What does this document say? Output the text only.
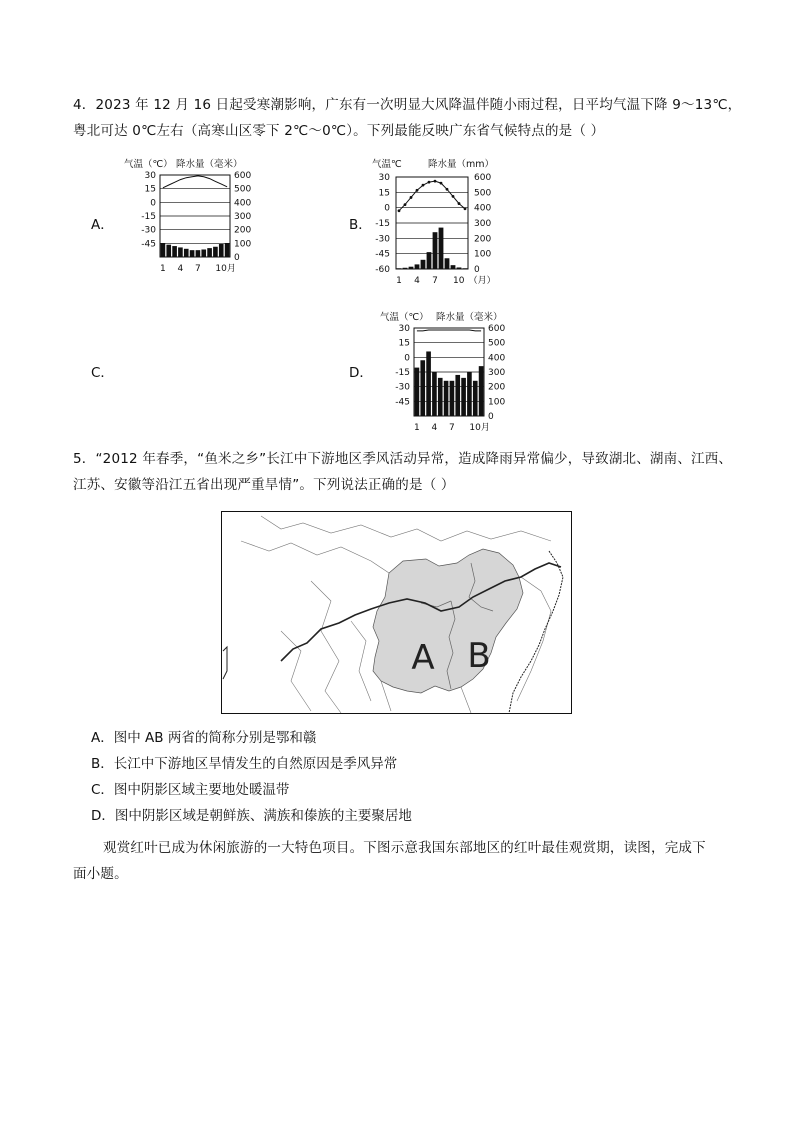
4．2023 年 12 月 16 日起受寒潮影响，广东有一次明显大风降温伴随小雨过程，日平均气温下降 9～13℃，
粤北可达 0℃左右（高寒山区零下 2℃～0℃）。下列最能反映广东省气候特点的是（ ）
A．	B．
C．	D．
气温（℃） 降水量（毫米）
30
15
0
-15
-30
-45
600
500
400
300
200
100
0
1 4 7 10月
气温℃	降水量（mm）
30
15
0
-15
-30
-45
-60
600
500
400
300
200
100
0
1 4 7 10 （月）
气温（℃） 降水量（毫米）
30
15
0
-15
-30
-45
600
500
400
300
200
100
0
1 4 7 10月
5．“2012 年春季，“鱼米之乡”长江中下游地区季风活动异常，造成降雨异常偏少，导致湖北、湖南、江西、
江苏、安徽等沿江五省出现严重旱情”。下列说法正确的是（ ）
A B
A．图中 AB 两省的简称分别是鄂和赣
B．长江中下游地区旱情发生的自然原因是季风异常
C．图中阴影区域主要地处暖温带
D．图中阴影区域是朝鲜族、满族和傣族的主要聚居地
观赏红叶已成为休闲旅游的一大特色项目。下图示意我国东部地区的红叶最佳观赏期，读图，完成下
面小题。
